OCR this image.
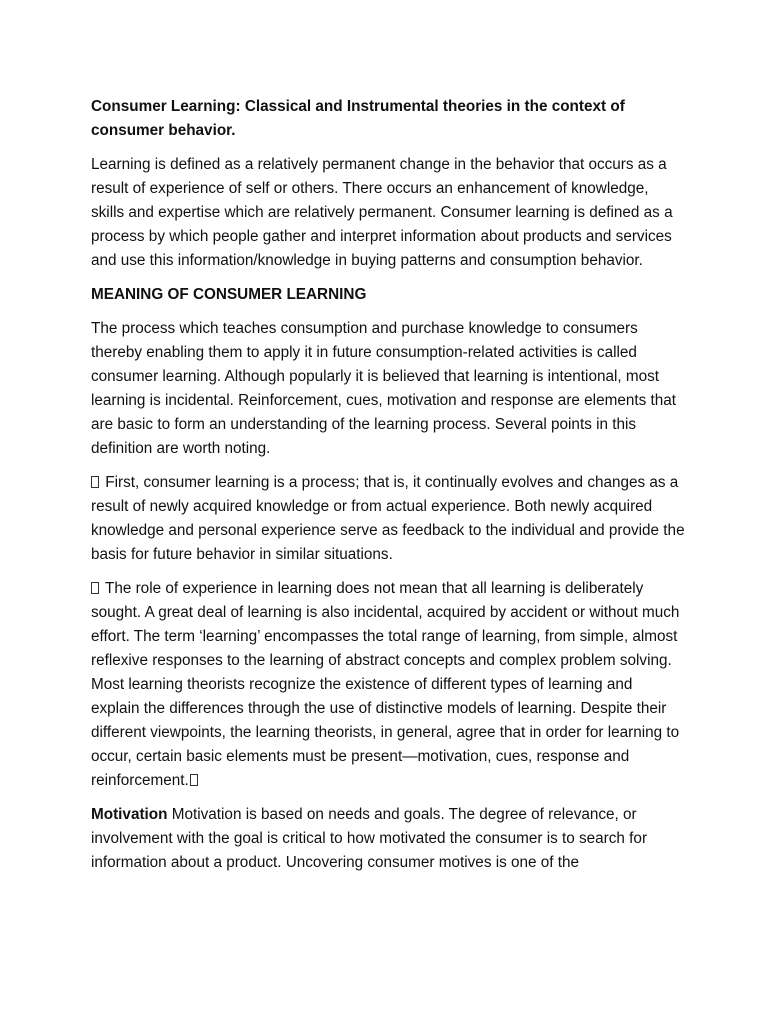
Consumer Learning: Classical and Instrumental theories in the context of consumer behavior.

Learning is defined as a relatively permanent change in the behavior that occurs as a result of experience of self or others. There occurs an enhancement of knowledge, skills and expertise which are relatively permanent. Consumer learning is defined as a process by which people gather and interpret information about products and services and use this information/knowledge in buying patterns and consumption behavior.

MEANING OF CONSUMER LEARNING

The process which teaches consumption and purchase knowledge to consumers thereby enabling them to apply it in future consumption-related activities is called consumer learning. Although popularly it is believed that learning is intentional, most learning is incidental. Reinforcement, cues, motivation and response are elements that are basic to form an understanding of the learning process. Several points in this definition are worth noting.

First, consumer learning is a process; that is, it continually evolves and changes as a result of newly acquired knowledge or from actual experience. Both newly acquired knowledge and personal experience serve as feedback to the individual and provide the basis for future behavior in similar situations.

The role of experience in learning does not mean that all learning is deliberately sought. A great deal of learning is also incidental, acquired by accident or without much effort. The term ‘learning’ encompasses the total range of learning, from simple, almost reflexive responses to the learning of abstract concepts and complex problem solving. Most learning theorists recognize the existence of different types of learning and explain the differences through the use of distinctive models of learning. Despite their different viewpoints, the learning theorists, in general, agree that in order for learning to occur, certain basic elements must be present—motivation, cues, response and reinforcement.

Motivation Motivation is based on needs and goals. The degree of relevance, or involvement with the goal is critical to how motivated the consumer is to search for information about a product. Uncovering consumer motives is one of the
